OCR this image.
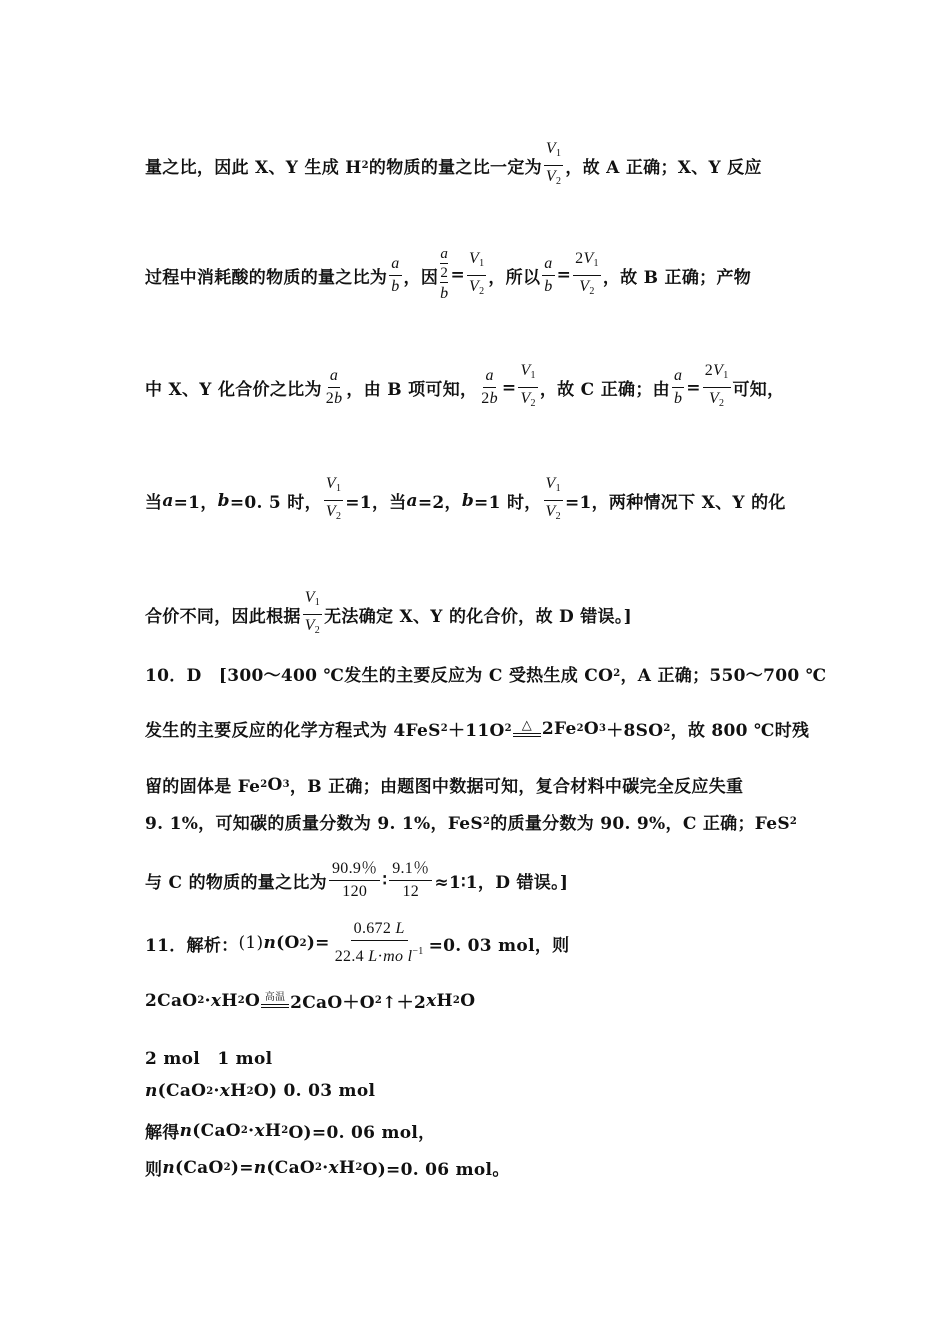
量之比，因此 X、Y 生成 H 2 的物质的量之比一定为 $\frac{V_1}{V_2}$ ，故 A 正确；X、Y 反应
过程中消耗酸的物质的量之比为 $\frac{a}{b}$ ，因 a
2
$b = \frac{V_1}{V_2}$ ，所以 $\frac{a}{b} = \frac{2V_1}{V_2}$ ，故 B 正确；产物
中 X、Y 化合价之比为 $\frac{a}{2b}$ ，由 B 项可知， $\frac{a}{2b} = \frac{V_1}{V_2}$ ，故 C 正确；由 $\frac{a}{b} = \frac{2V_1}{V_2}$ 可知，
当 a =1， b =0. 5 时， $\frac{V_1}{V_2} =1$，当 a =2， b =1 时， $\frac{V_1}{V_2} =1$，两种情况下 X、Y 的化
合价不同，因此根据 $\frac{V_1}{V_2}$ 无法确定 X、Y 的化合价，故 D 错误。]
10．D　[300～400 ℃发生的主要反应为 C 受热生成 CO 2 ，A 正确；550～700 ℃
发生的主要反应的化学方程式为 4FeS 2 ＋11O 2 △ 2Fe 2 O 3 ＋8SO 2 ，故 800 ℃时残
留的固体是 Fe 2 O 3 ，B 正确；由题图中数据可知，复合材料中碳完全反应失重
9. 1%，可知碳的质量分数为 9. 1%，FeS 2 的质量分数为 90. 9%，C 正确；FeS 2
与 C 的物质的量之比为 $\frac{90.9\%}{120}$ ∶ $\frac{9.1\%}{12}$ ≈1∶1，D 错误。]
11．解析： (1) n (O 2 )= $\frac{0.672 L}{22.4 L\cdot mo l^{-1}} =0$. 03 mol，则
2CaO 2 · x H 2 O 高温 2CaO＋O 2 ↑＋2 x H 2 O
2 mol　1 mol
n (CaO 2 · x H 2 O) 0. 03 mol
解得 n (CaO 2 · x H 2 O)=0. 06 mol，
则 n (CaO 2 )= n (CaO 2 · x H 2 O)=0. 06 mol。
